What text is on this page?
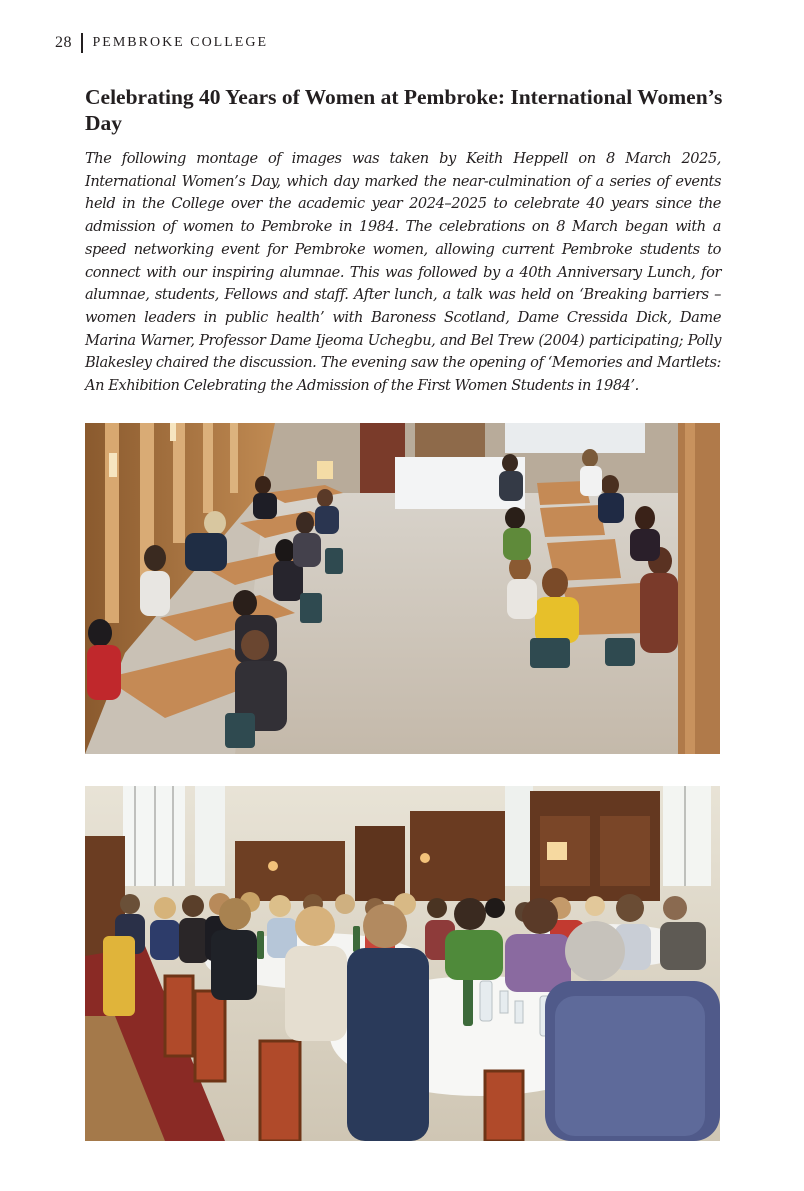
28 PEMBROKE COLLEGE
Celebrating 40 Years of Women at Pembroke: International Women’s Day

The following montage of images was taken by Keith Heppell on 8 March 2025, International Women’s Day, which day marked the near-culmination of a series of events held in the College over the academic year 2024–2025 to celebrate 40 years since the admission of women to Pembroke in 1984. The celebrations on 8 March began with a speed networking event for Pembroke women, allowing current Pembroke students to connect with our inspiring alumnae. This was followed by a 40th Anniversary Lunch, for alumnae, students, Fellows and staff. After lunch, a talk was held on ‘Breaking barriers – women leaders in public health’ with Baroness Scotland, Dame Cressida Dick, Dame Marina Warner, Professor Dame Ijeoma Uchegbu, and Bel Trew (2004) participating; Polly Blakesley chaired the discussion. The evening saw the opening of ‘Memories and Martlets: An Exhibition Celebrating the Admission of the First Women Students in 1984’.
